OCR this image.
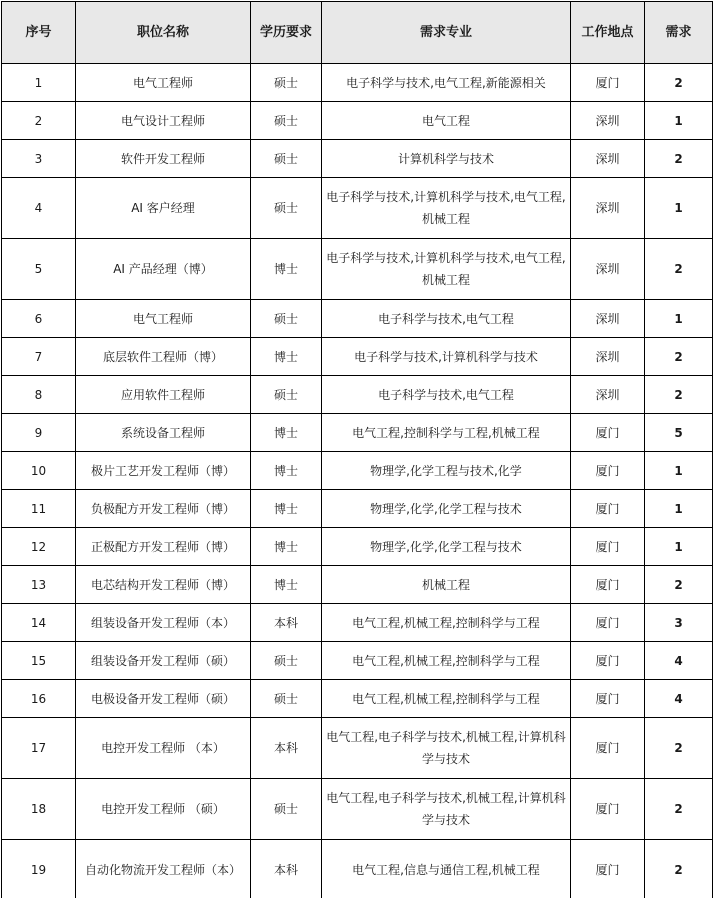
序号	职位名称	学历要求	需求专业	工作地点	需求
1	电气工程师	硕士	电子科学与技术,电气工程,新能源相关	厦门	2
2	电气设计工程师	硕士	电气工程	深圳	1
3	软件开发工程师	硕士	计算机科学与技术	深圳	2
4	AI 客户经理	硕士	电子科学与技术,计算机科学与技术,电气工程,机械工程	深圳	1
5	AI 产品经理（博）	博士	电子科学与技术,计算机科学与技术,电气工程,机械工程	深圳	2
6	电气工程师	硕士	电子科学与技术,电气工程	深圳	1
7	底层软件工程师（博）	博士	电子科学与技术,计算机科学与技术	深圳	2
8	应用软件工程师	硕士	电子科学与技术,电气工程	深圳	2
9	系统设备工程师	博士	电气工程,控制科学与工程,机械工程	厦门	5
10	极片工艺开发工程师（博）	博士	物理学,化学工程与技术,化学	厦门	1
11	负极配方开发工程师（博）	博士	物理学,化学,化学工程与技术	厦门	1
12	正极配方开发工程师（博）	博士	物理学,化学,化学工程与技术	厦门	1
13	电芯结构开发工程师（博）	博士	机械工程	厦门	2
14	组装设备开发工程师（本）	本科	电气工程,机械工程,控制科学与工程	厦门	3
15	组装设备开发工程师（硕）	硕士	电气工程,机械工程,控制科学与工程	厦门	4
16	电极设备开发工程师（硕）	硕士	电气工程,机械工程,控制科学与工程	厦门	4
17	电控开发工程师 （本）	本科	电气工程,电子科学与技术,机械工程,计算机科学与技术	厦门	2
18	电控开发工程师 （硕）	硕士	电气工程,电子科学与技术,机械工程,计算机科学与技术	厦门	2
19	自动化物流开发工程师（本）	本科	电气工程,信息与通信工程,机械工程	厦门	2
